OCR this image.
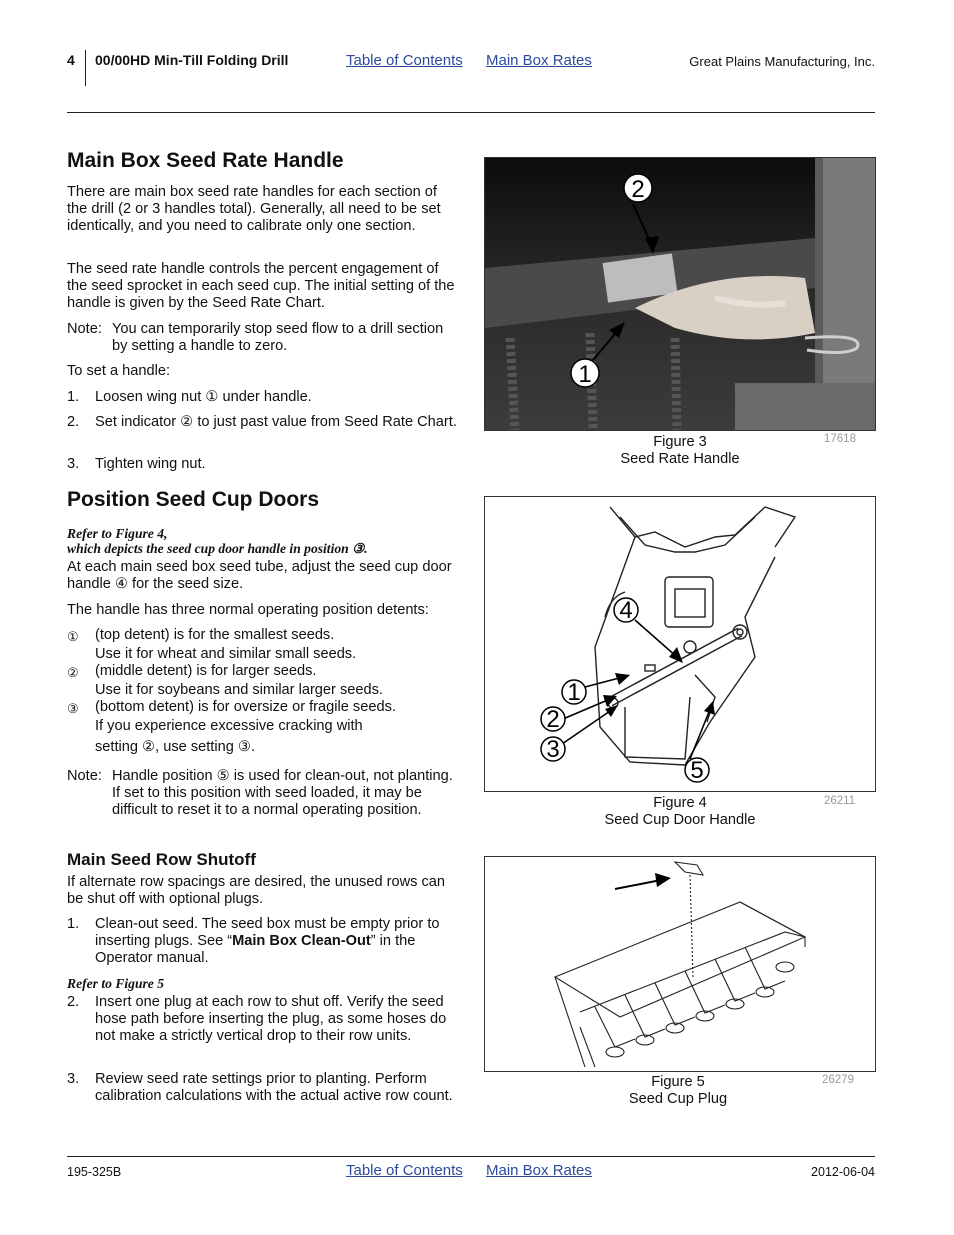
4 00/00HD Min-Till Folding Drill	Table of Contents Main Box Rates	Great Plains Manufacturing, Inc.
Main Box Seed Rate Handle

There are main box seed rate handles for each section of the drill (2 or 3 handles total). Generally, all need to be set identically, and you need to calibrate only one section.

The seed rate handle controls the percent engagement of the seed sprocket in each seed cup. The initial setting of the handle is given by the Seed Rate Chart.

Note: You can temporarily stop seed flow to a drill section by setting a handle to zero.

To set a handle:

1. Loosen wing nut ① under handle.

2. Set indicator ② to just past value from Seed Rate Chart.

3. Tighten wing nut.

Position Seed Cup Doors
Refer to Figure 4,
which depicts the seed cup door handle in position ③.

At each main seed box seed tube, adjust the seed cup door handle ④ for the seed size.

The handle has three normal operating position detents:

① (top detent) is for the smallest seeds.

Use it for wheat and similar small seeds.

② (middle detent) is for larger seeds.

Use it for soybeans and similar larger seeds.

③ (bottom detent) is for oversize or fragile seeds.

If you experience excessive cracking with

setting ②, use setting ③.

Note: Handle position ⑤ is used for clean-out, not planting. If set to this position with seed loaded, it may be difficult to reset it to a normal operating position.

Main Seed Row Shutoff

If alternate row spacings are desired, the unused rows can be shut off with optional plugs.

1. Clean-out seed. The seed box must be empty prior to inserting plugs. See “Main Box Clean-Out” in the Operator manual.

Refer to Figure 5
2. Insert one plug at each row to shut off. Verify the seed hose path before inserting the plug, as some hoses do not make a strictly vertical drop to their row units.

3. Review seed rate settings prior to planting. Perform calibration calculations with the actual active row count.

2
1
Figure 3
Seed Rate Handle
17618
4
1
2
3
5
Figure 4
Seed Cup Door Handle
26211
Figure 5
Seed Cup Plug
26279
195-325B	Table of Contents Main Box Rates	2012-06-04
